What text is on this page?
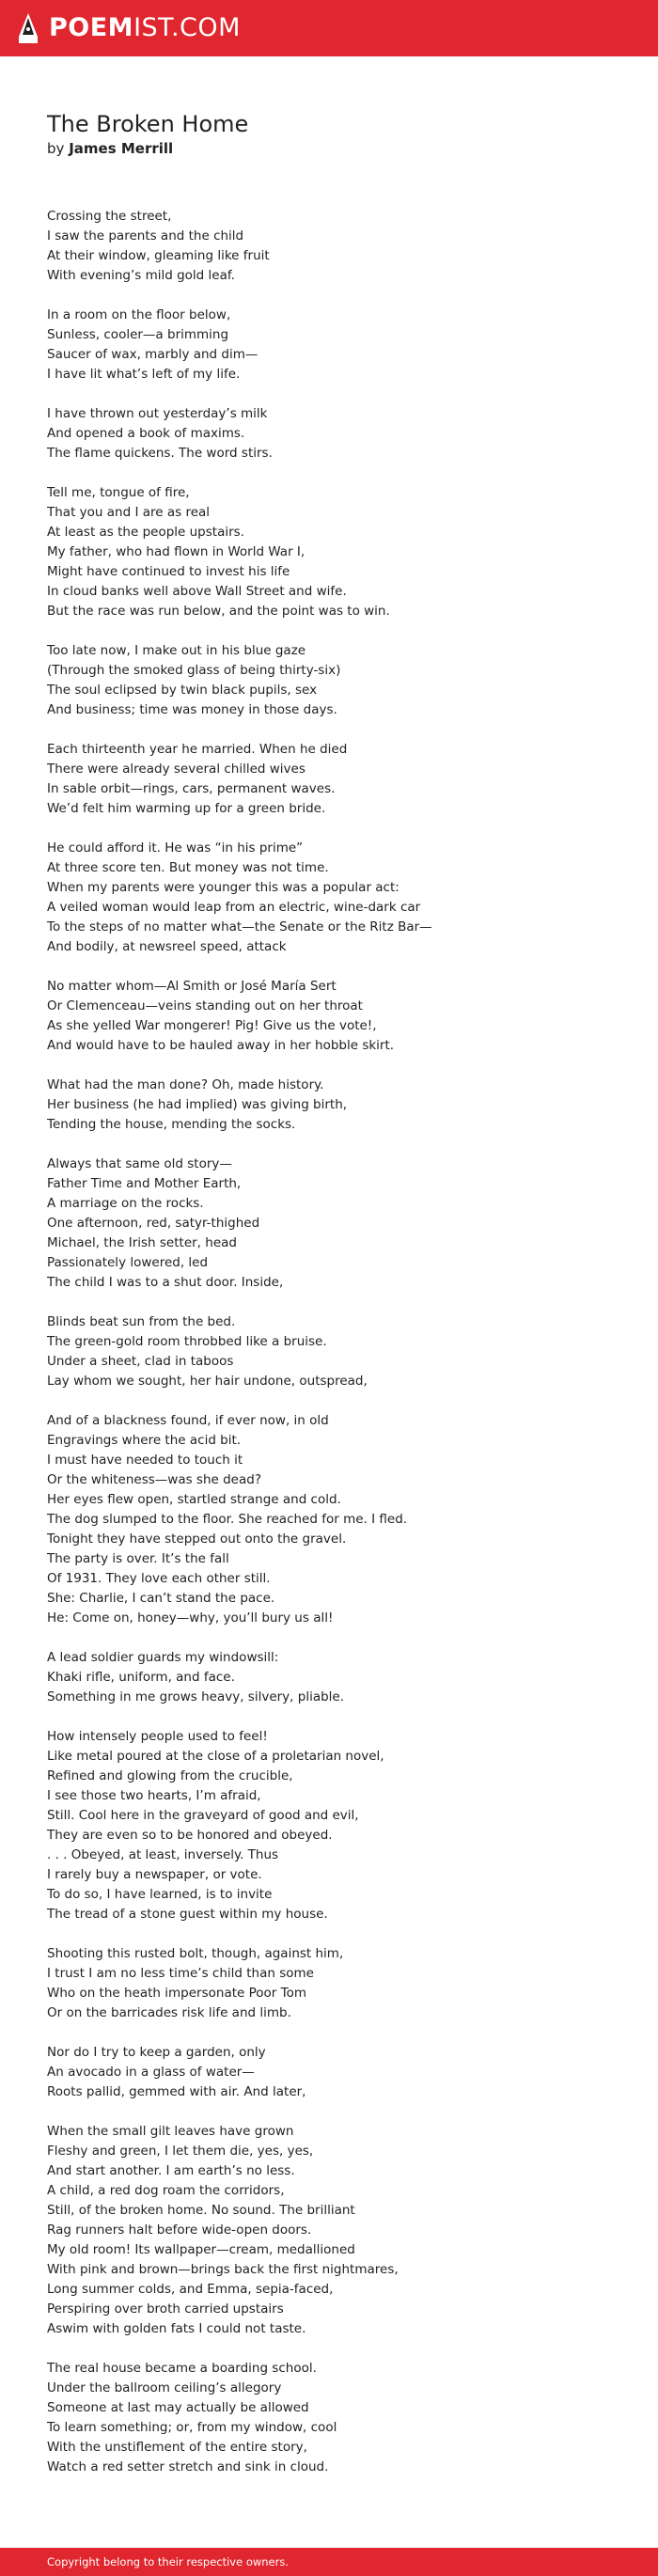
POEMIST.COM
The Broken Home
by James Merrill
Crossing the street,
I saw the parents and the child
At their window, gleaming like fruit
With evening’s mild gold leaf.
In a room on the floor below,
Sunless, cooler—a brimming
Saucer of wax, marbly and dim—
I have lit what’s left of my life.
I have thrown out yesterday’s milk
And opened a book of maxims.
The flame quickens. The word stirs.
Tell me, tongue of fire,
That you and I are as real
At least as the people upstairs.
My father, who had flown in World War I,
Might have continued to invest his life
In cloud banks well above Wall Street and wife.
But the race was run below, and the point was to win.
Too late now, I make out in his blue gaze
(Through the smoked glass of being thirty-six)
The soul eclipsed by twin black pupils, sex
And business; time was money in those days.
Each thirteenth year he married. When he died
There were already several chilled wives
In sable orbit—rings, cars, permanent waves.
We’d felt him warming up for a green bride.
He could afford it. He was “in his prime”
At three score ten. But money was not time.
When my parents were younger this was a popular act:
A veiled woman would leap from an electric, wine-dark car
To the steps of no matter what—the Senate or the Ritz Bar—
And bodily, at newsreel speed, attack
No matter whom—Al Smith or José María Sert
Or Clemenceau—veins standing out on her throat
As she yelled War mongerer! Pig! Give us the vote!,
And would have to be hauled away in her hobble skirt.
What had the man done? Oh, made history.
Her business (he had implied) was giving birth,
Tending the house, mending the socks.
Always that same old story—
Father Time and Mother Earth,
A marriage on the rocks.
One afternoon, red, satyr-thighed
Michael, the Irish setter, head
Passionately lowered, led
The child I was to a shut door. Inside,
Blinds beat sun from the bed.
The green-gold room throbbed like a bruise.
Under a sheet, clad in taboos
Lay whom we sought, her hair undone, outspread,
And of a blackness found, if ever now, in old
Engravings where the acid bit.
I must have needed to touch it
Or the whiteness—was she dead?
Her eyes flew open, startled strange and cold.
The dog slumped to the floor. She reached for me. I fled.
Tonight they have stepped out onto the gravel.
The party is over. It’s the fall
Of 1931. They love each other still.
She: Charlie, I can’t stand the pace.
He: Come on, honey—why, you’ll bury us all!
A lead soldier guards my windowsill:
Khaki rifle, uniform, and face.
Something in me grows heavy, silvery, pliable.
How intensely people used to feel!
Like metal poured at the close of a proletarian novel,
Refined and glowing from the crucible,
I see those two hearts, I’m afraid,
Still. Cool here in the graveyard of good and evil,
They are even so to be honored and obeyed.
. . . Obeyed, at least, inversely. Thus
I rarely buy a newspaper, or vote.
To do so, I have learned, is to invite
The tread of a stone guest within my house.
Shooting this rusted bolt, though, against him,
I trust I am no less time’s child than some
Who on the heath impersonate Poor Tom
Or on the barricades risk life and limb.
Nor do I try to keep a garden, only
An avocado in a glass of water—
Roots pallid, gemmed with air. And later,
When the small gilt leaves have grown
Fleshy and green, I let them die, yes, yes,
And start another. I am earth’s no less.
A child, a red dog roam the corridors,
Still, of the broken home. No sound. The brilliant
Rag runners halt before wide-open doors.
My old room! Its wallpaper—cream, medallioned
With pink and brown—brings back the first nightmares,
Long summer colds, and Emma, sepia-faced,
Perspiring over broth carried upstairs
Aswim with golden fats I could not taste.
The real house became a boarding school.
Under the ballroom ceiling’s allegory
Someone at last may actually be allowed
To learn something; or, from my window, cool
With the unstiflement of the entire story,
Watch a red setter stretch and sink in cloud.
Copyright belong to their respective owners.
